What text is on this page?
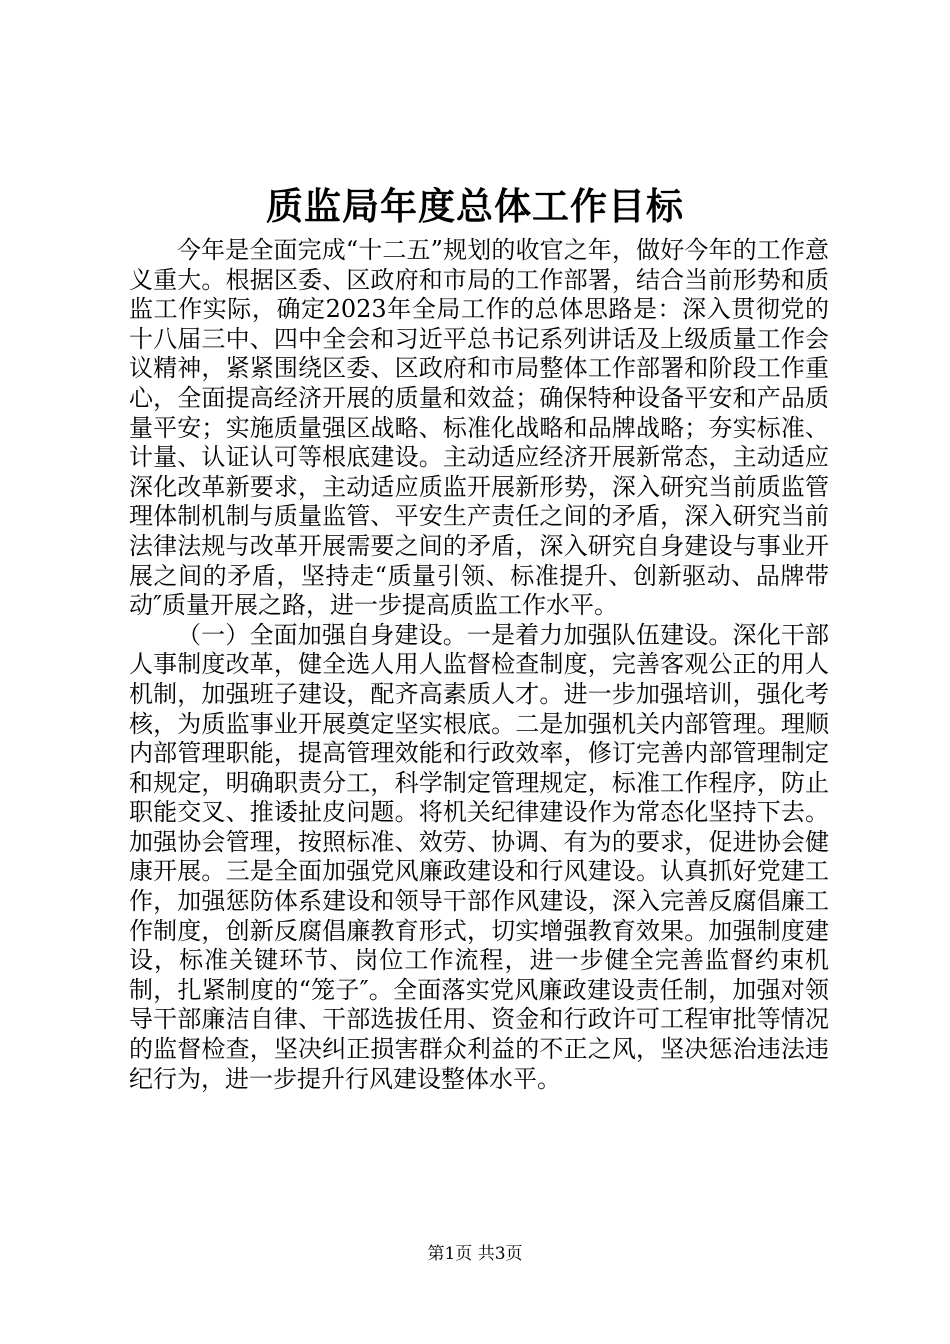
质监局年度总体工作目标

今年是全面完成“十二五”规划的收官之年，做好今年的工作意义重大。根据区委、区政府和市局的工作部署，结合当前形势和质监工作实际，确定2023年全局工作的总体思路是：深入贯彻党的十八届三中、四中全会和习近平总书记系列讲话及上级质量工作会议精神，紧紧围绕区委、区政府和市局整体工作部署和阶段工作重心，全面提高经济开展的质量和效益；确保特种设备平安和产品质量平安；实施质量强区战略、标准化战略和品牌战略；夯实标准、计量、认证认可等根底建设。主动适应经济开展新常态，主动适应深化改革新要求，主动适应质监开展新形势，深入研究当前质监管理体制机制与质量监管、平安生产责任之间的矛盾，深入研究当前法律法规与改革开展需要之间的矛盾，深入研究自身建设与事业开展之间的矛盾，坚持走“质量引领、标准提升、创新驱动、品牌带动″质量开展之路，进一步提高质监工作水平。

（一）全面加强自身建设。一是着力加强队伍建设。深化干部人事制度改革，健全选人用人监督检查制度，完善客观公正的用人机制，加强班子建设，配齐高素质人才。进一步加强培训，强化考核，为质监事业开展奠定坚实根底。二是加强机关内部管理。理顺内部管理职能，提高管理效能和行政效率，修订完善内部管理制定和规定，明确职责分工，科学制定管理规定，标准工作程序，防止职能交叉、推诿扯皮问题。将机关纪律建设作为常态化坚持下去。加强协会管理，按照标准、效劳、协调、有为的要求，促进协会健康开展。三是全面加强党风廉政建设和行风建设。认真抓好党建工作，加强惩防体系建设和领导干部作风建设，深入完善反腐倡廉工作制度，创新反腐倡廉教育形式，切实增强教育效果。加强制度建设，标准关键环节、岗位工作流程，进一步健全完善监督约束机制，扎紧制度的“笼子″。全面落实党风廉政建设责任制，加强对领导干部廉洁自律、干部选拔任用、资金和行政许可工程审批等情况的监督检查，坚决纠正损害群众利益的不正之风，坚决惩治违法违纪行为，进一步提升行风建设整体水平。

第1页 共3页
